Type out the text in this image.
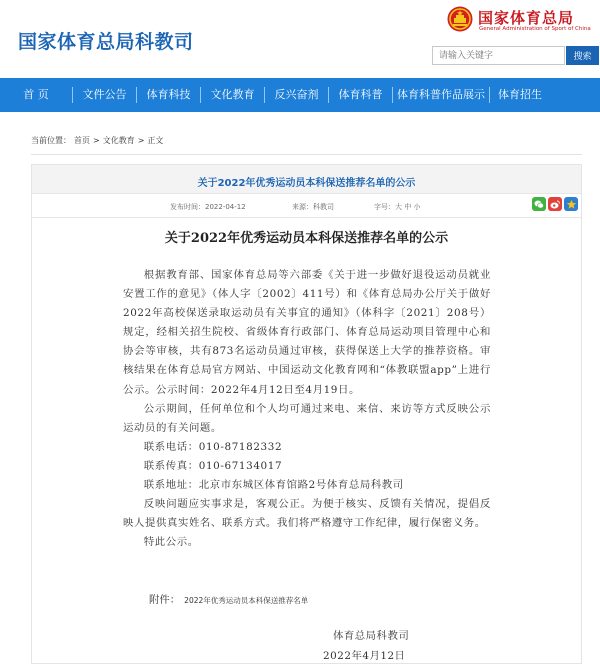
国家体育总局科教司
国家体育总局
General Administration of Sport of China
请输入关键字
搜索
首 页	文件公告	体育科技	文化教育	反兴奋剂	体育科普	体育科普作品展示	体育招生
当前位置： 首页 > 文化教育 > 正文
关于2022年优秀运动员本科保送推荐名单的公示
发布时间：2022-04-12	来源：科教司	字号：大 中 小
关于2022年优秀运动员本科保送推荐名单的公示

根据教育部、国家体育总局等六部委《关于进一步做好退役运动员就业安置工作的意见》（体人字〔2002〕411号）和《体育总局办公厅关于做好2022年高校保送录取运动员有关事宜的通知》（体科字〔2021〕208号）规定，经相关招生院校、省级体育行政部门、体育总局运动项目管理中心和协会等审核，共有873名运动员通过审核，获得保送上大学的推荐资格。审核结果在体育总局官方网站、中国运动文化教育网和“体教联盟app”上进行公示。公示时间：2022年4月12日至4月19日。

公示期间，任何单位和个人均可通过来电、来信、来访等方式反映公示运动员的有关问题。

联系电话：010-87182332

联系传真：010-67134017

联系地址：北京市东城区体育馆路2号体育总局科教司

反映问题应实事求是，客观公正。为便于核实、反馈有关情况，提倡反映人提供真实姓名、联系方式。我们将严格遵守工作纪律，履行保密义务。

特此公示。

附件： 2022年优秀运动员本科保送推荐名单
体育总局科教司
2022年4月12日
